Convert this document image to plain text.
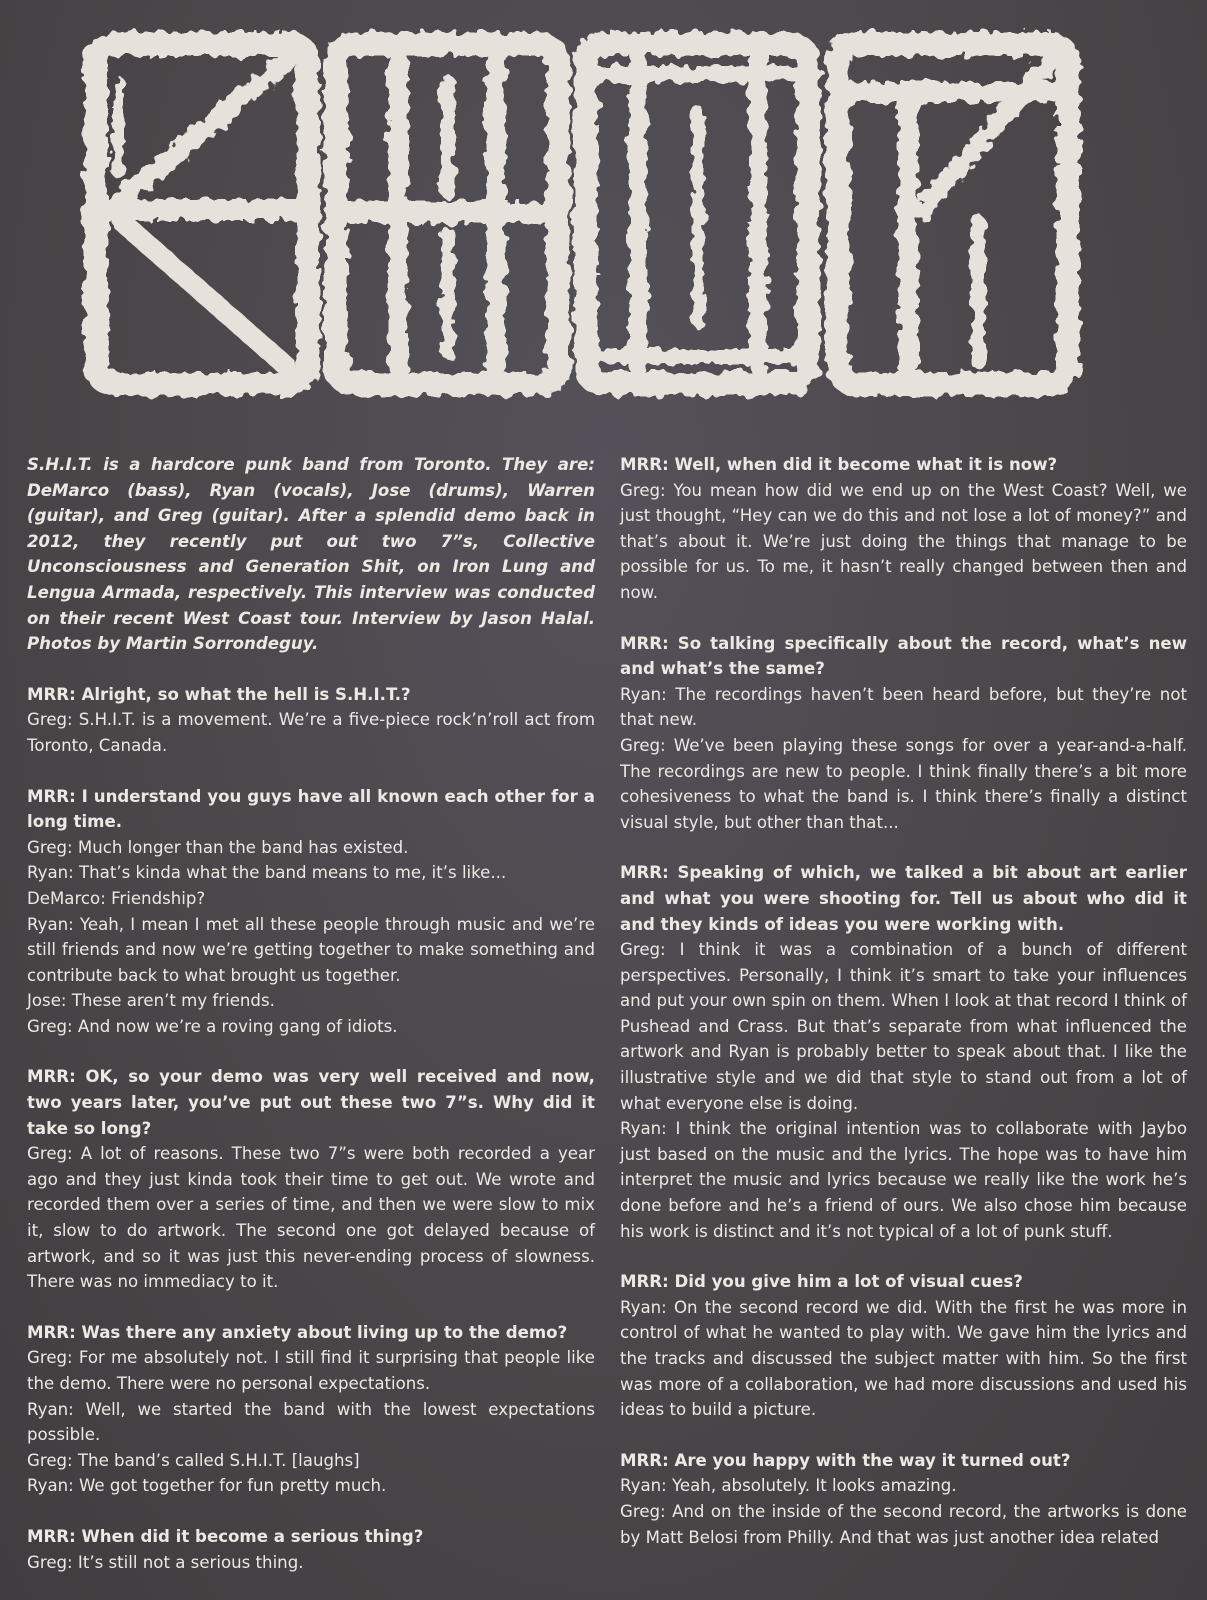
S.H.I.T. is a hardcore punk band from Toronto. They are: DeMarco (bass), Ryan (vocals), Jose (drums), Warren (guitar), and Greg (guitar). After a splendid demo back in 2012, they recently put out two 7”s, Collective Unconsciousness and Generation Shit, on Iron Lung and Lengua Armada, respectively. This interview was conducted on their recent West Coast tour. Interview by Jason Halal. Photos by Martin Sorrondeguy.

MRR: Alright, so what the hell is S.H.I.T.?

Greg: S.H.I.T. is a movement. We’re a five-piece rock’n’roll act from Toronto, Canada.

MRR: I understand you guys have all known each other for a long time.

Greg: Much longer than the band has existed.

Ryan: That’s kinda what the band means to me, it’s like...

DeMarco: Friendship?

Ryan: Yeah, I mean I met all these people through music and we’re still friends and now we’re getting together to make something and contribute back to what brought us together.

Jose: These aren’t my friends.

Greg: And now we’re a roving gang of idiots.

MRR: OK, so your demo was very well received and now, two years later, you’ve put out these two 7”s. Why did it take so long?

Greg: A lot of reasons. These two 7”s were both recorded a year ago and they just kinda took their time to get out. We wrote and recorded them over a series of time, and then we were slow to mix it, slow to do artwork. The second one got delayed because of artwork, and so it was just this never-ending process of slowness. There was no immediacy to it.

MRR: Was there any anxiety about living up to the demo?

Greg: For me absolutely not. I still find it surprising that people like the demo. There were no personal expectations.

Ryan: Well, we started the band with the lowest expectations possible.

Greg: The band’s called S.H.I.T. [laughs]

Ryan: We got together for fun pretty much.

MRR: When did it become a serious thing?

Greg: It’s still not a serious thing.

MRR: Well, when did it become what it is now?

Greg: You mean how did we end up on the West Coast? Well, we just thought, “Hey can we do this and not lose a lot of money?” and that’s about it. We’re just doing the things that manage to be possible for us. To me, it hasn’t really changed between then and now.

MRR: So talking specifically about the record, what’s new and what’s the same?

Ryan: The recordings haven’t been heard before, but they’re not that new.

Greg: We’ve been playing these songs for over a year-and-a-half. The recordings are new to people. I think finally there’s a bit more cohesiveness to what the band is. I think there’s finally a distinct visual style, but other than that...

MRR: Speaking of which, we talked a bit about art earlier and what you were shooting for. Tell us about who did it and they kinds of ideas you were working with.

Greg: I think it was a combination of a bunch of different perspectives. Personally, I think it’s smart to take your influences and put your own spin on them. When I look at that record I think of Pushead and Crass. But that’s separate from what influenced the artwork and Ryan is probably better to speak about that. I like the illustrative style and we did that style to stand out from a lot of what everyone else is doing.

Ryan: I think the original intention was to collaborate with Jaybo just based on the music and the lyrics. The hope was to have him interpret the music and lyrics because we really like the work he’s done before and he’s a friend of ours. We also chose him because his work is distinct and it’s not typical of a lot of punk stuff.

MRR: Did you give him a lot of visual cues?

Ryan: On the second record we did. With the first he was more in control of what he wanted to play with. We gave him the lyrics and the tracks and discussed the subject matter with him. So the first was more of a collaboration, we had more discussions and used his ideas to build a picture.

MRR: Are you happy with the way it turned out?

Ryan: Yeah, absolutely. It looks amazing.

Greg: And on the inside of the second record, the artworks is done by Matt Belosi from Philly. And that was just another idea related
